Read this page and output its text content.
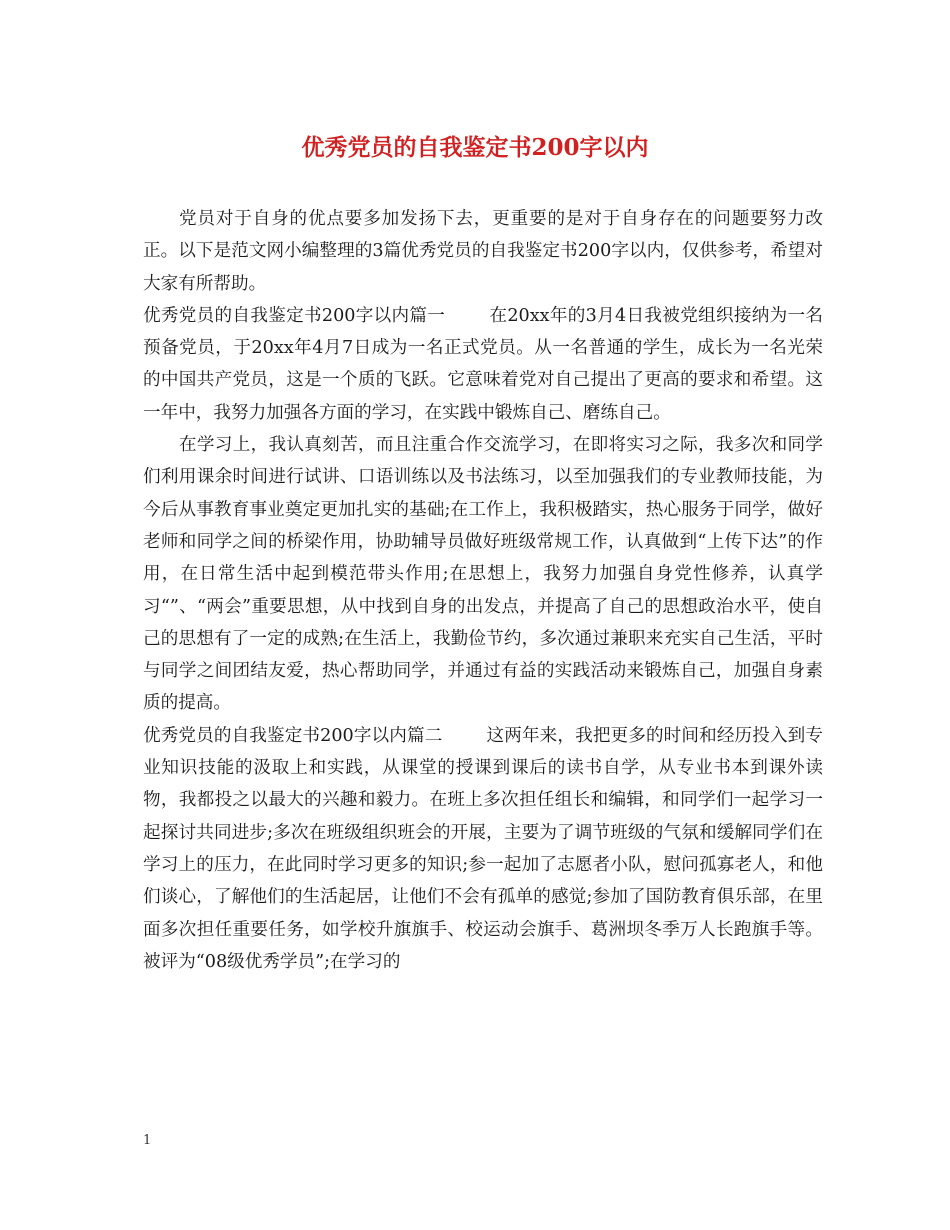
优秀党员的自我鉴定书200字以内

党员对于自身的优点要多加发扬下去，更重要的是对于自身存在的问题要努力改正。以下是范文网小编整理的3篇优秀党员的自我鉴定书200字以内，仅供参考，希望对大家有所帮助。

优秀党员的自我鉴定书200字以内篇一	在20xx年的3月4日我被党组织接纳为一名预备党员，于20xx年4月7日成为一名正式党员。从一名普通的学生，成长为一名光荣的中国共产党员，这是一个质的飞跃。它意味着党对自己提出了更高的要求和希望。这一年中，我努力加强各方面的学习，在实践中锻炼自己、磨练自己。

在学习上，我认真刻苦，而且注重合作交流学习，在即将实习之际，我多次和同学们利用课余时间进行试讲、口语训练以及书法练习，以至加强我们的专业教师技能，为今后从事教育事业奠定更加扎实的基础;在工作上，我积极踏实，热心服务于同学，做好老师和同学之间的桥梁作用，协助辅导员做好班级常规工作，认真做到“上传下达”的作用，在日常生活中起到模范带头作用;在思想上，我努力加强自身党性修养，认真学习“”、“两会”重要思想，从中找到自身的出发点，并提高了自己的思想政治水平，使自己的思想有了一定的成熟;在生活上，我勤俭节约，多次通过兼职来充实自己生活，平时与同学之间团结友爱，热心帮助同学，并通过有益的实践活动来锻炼自己，加强自身素质的提高。

优秀党员的自我鉴定书200字以内篇二	这两年来，我把更多的时间和经历投入到专业知识技能的汲取上和实践，从课堂的授课到课后的读书自学，从专业书本到课外读物，我都投之以最大的兴趣和毅力。在班上多次担任组长和编辑，和同学们一起学习一起探讨共同进步;多次在班级组织班会的开展，主要为了调节班级的气氛和缓解同学们在学习上的压力，在此同时学习更多的知识;参一起加了志愿者小队，慰问孤寡老人，和他们谈心，了解他们的生活起居，让他们不会有孤单的感觉;参加了国防教育俱乐部，在里面多次担任重要任务，如学校升旗旗手、校运动会旗手、葛洲坝冬季万人长跑旗手等。被评为“08级优秀学员”;在学习的

1
